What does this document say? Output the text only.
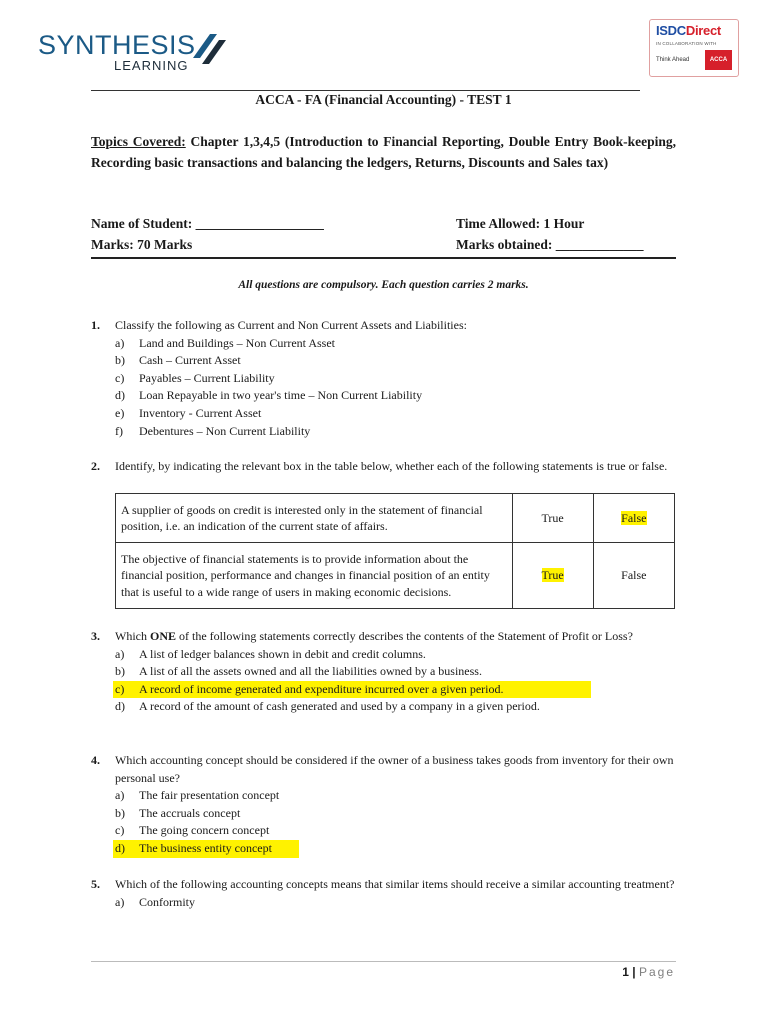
SYNTHESIS
LEARNING
ISDCDirect
IN COLLABORATION WITH
Think Ahead	ACCA
ACCA - FA (Financial Accounting) - TEST 1
Topics Covered: Chapter 1,3,4,5 (Introduction to Financial Reporting, Double Entry Book-keeping, Recording basic transactions and balancing the ledgers, Returns, Discounts and Sales tax)
Name of Student: ___________________	Time Allowed: 1 Hour
Marks: 70 Marks	Marks obtained: _____________
All questions are compulsory. Each question carries 2 marks.
1. Classify the following as Current and Non Current Assets and Liabilities:
a) Land and Buildings – Non Current Asset
b) Cash – Current Asset
c) Payables – Current Liability
d) Loan Repayable in two year's time – Non Current Liability
e) Inventory - Current Asset
f) Debentures – Non Current Liability
2. Identify, by indicating the relevant box in the table below, whether each of the following statements is true or false.
A supplier of goods on credit is interested only in the statement of financial position, i.e. an indication of the current state of affairs.	True	False
The objective of financial statements is to provide information about the financial position, performance and changes in financial position of an entity that is useful to a wide range of users in making economic decisions.	True	False
3. Which ONE of the following statements correctly describes the contents of the Statement of Profit or Loss?
a) A list of ledger balances shown in debit and credit columns.
b) A list of all the assets owned and all the liabilities owned by a business.
c) A record of income generated and expenditure incurred over a given period.
d) A record of the amount of cash generated and used by a company in a given period.
4. Which accounting concept should be considered if the owner of a business takes goods from inventory for their own personal use?
a) The fair presentation concept
b) The accruals concept
c) The going concern concept
d) The business entity concept
5. Which of the following accounting concepts means that similar items should receive a similar accounting treatment?
a) Conformity
1 | Page
